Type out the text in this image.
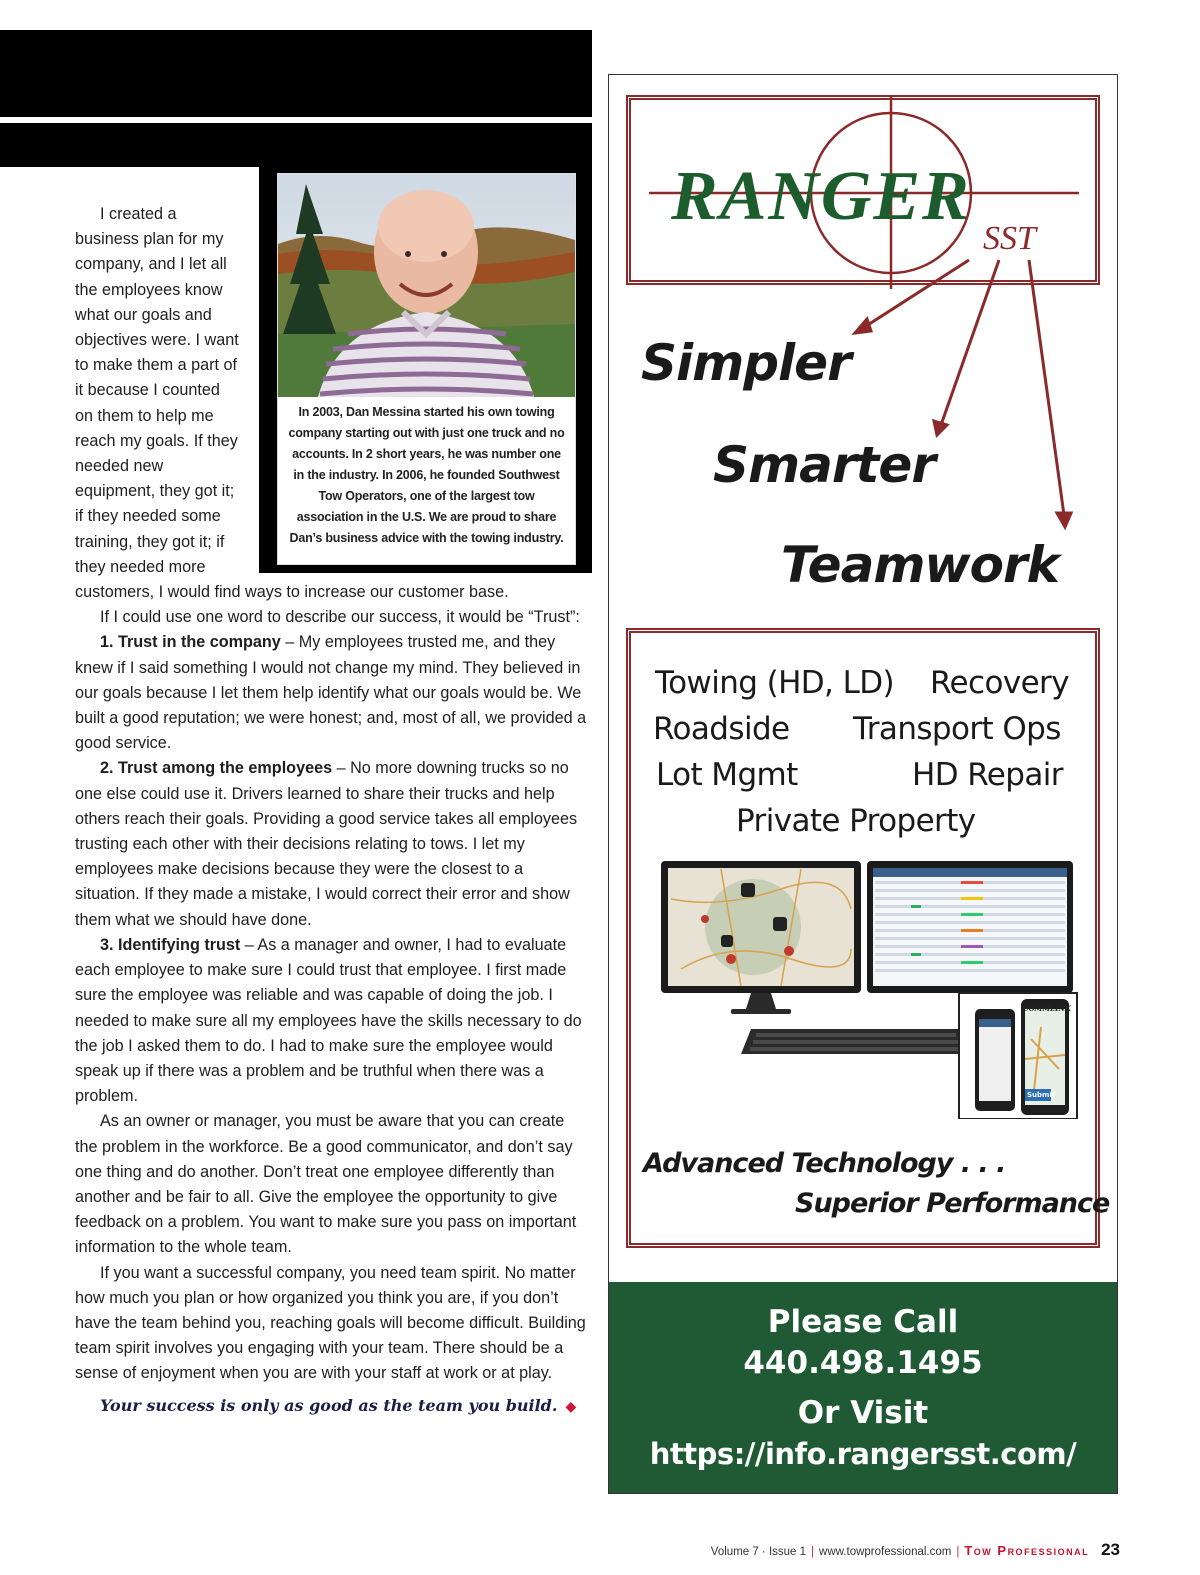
I created a business plan for my company, and I let all the employees know what our goals and objectives were. I want to make them a part of it because I counted on them to help me reach my goals. If they needed new equipment, they got it; if they needed some training, they got it; if they needed more customers, I would find ways to increase our customer base.

If I could use one word to describe our success, it would be “Trust”:

1. Trust in the company – My employees trusted me, and they knew if I said something I would not change my mind. They believed in our goals because I let them help identify what our goals would be. We built a good reputation; we were honest; and, most of all, we provided a good service.

2. Trust among the employees – No more downing trucks so no one else could use it. Drivers learned to share their trucks and help others reach their goals. Providing a good service takes all employees trusting each other with their decisions relating to tows. I let my employees make decisions because they were the closest to a situation. If they made a mistake, I would correct their error and show them what we should have done.

3. Identifying trust – As a manager and owner, I had to evaluate each employee to make sure I could trust that employee. I first made sure the employee was reliable and was capable of doing the job. I needed to make sure all my employees have the skills necessary to do the job I asked them to do. I had to make sure the employee would speak up if there was a problem and be truthful when there was a problem.

As an owner or manager, you must be aware that you can create the problem in the workforce. Be a good communicator, and don’t say one thing and do another. Don’t treat one employee differently than another and be fair to all. Give the employee the opportunity to give feedback on a problem. You want to make sure you pass on important information to the whole team.

If you want a successful company, you need team spirit. No matter how much you plan or how organized you think you are, if you don’t have the team behind you, reaching goals will become difficult. Building team spirit involves you engaging with your team. There should be a sense of enjoyment when you are with your staff at work or at play.

Your success is only as good as the team you build. ◆
In 2003, Dan Messina started his own towing company starting out with just one truck and no accounts. In 2 short years, he was number one in the industry. In 2006, he founded Southwest Tow Operators, one of the largest tow association in the U.S. We are proud to share Dan’s business advice with the towing industry.
RANGER
SST
Simpler
Smarter
Teamwork
Towing (HD, LD) Recovery
Roadside Transport Ops
Lot Mgmt	HD Repair
Private Property
COMMLINK
Submit
Advanced Technology . . .
Superior Performance
Please Call
440.498.1495
Or Visit
https://info.rangersst.com/
Volume 7 · Issue 1 | www.towprofessional.com | Tow Professional 23
